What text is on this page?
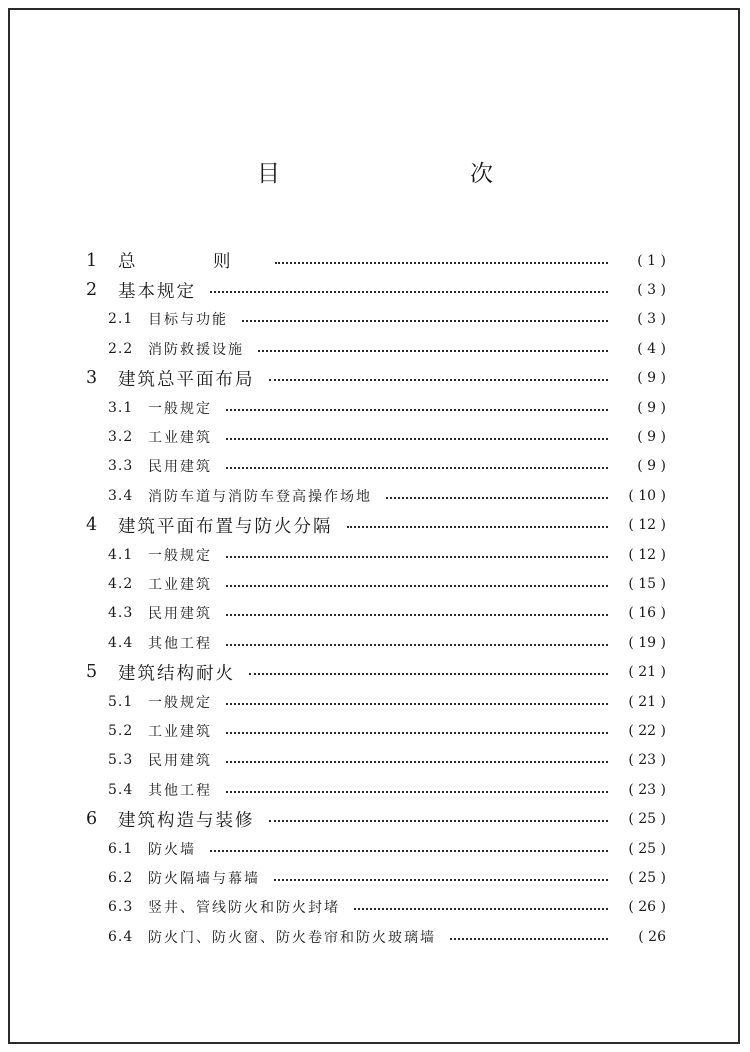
目　　次
1	总　则	( 1 )
2	基本规定	( 3 )
2.1	目标与功能	( 3 )
2.2	消防救援设施	( 4 )
3	建筑总平面布局	( 9 )
3.1	一般规定	( 9 )
3.2	工业建筑	( 9 )
3.3	民用建筑	( 9 )
3.4	消防车道与消防车登高操作场地	( 10 )
4	建筑平面布置与防火分隔	( 12 )
4.1	一般规定	( 12 )
4.2	工业建筑	( 15 )
4.3	民用建筑	( 16 )
4.4	其他工程	( 19 )
5	建筑结构耐火	( 21 )
5.1	一般规定	( 21 )
5.2	工业建筑	( 22 )
5.3	民用建筑	( 23 )
5.4	其他工程	( 23 )
6	建筑构造与装修	( 25 )
6.1	防火墙	( 25 )
6.2	防火隔墙与幕墙	( 25 )
6.3	竖井、管线防火和防火封堵	( 26 )
6.4	防火门、防火窗、防火卷帘和防火玻璃墙	( 26
